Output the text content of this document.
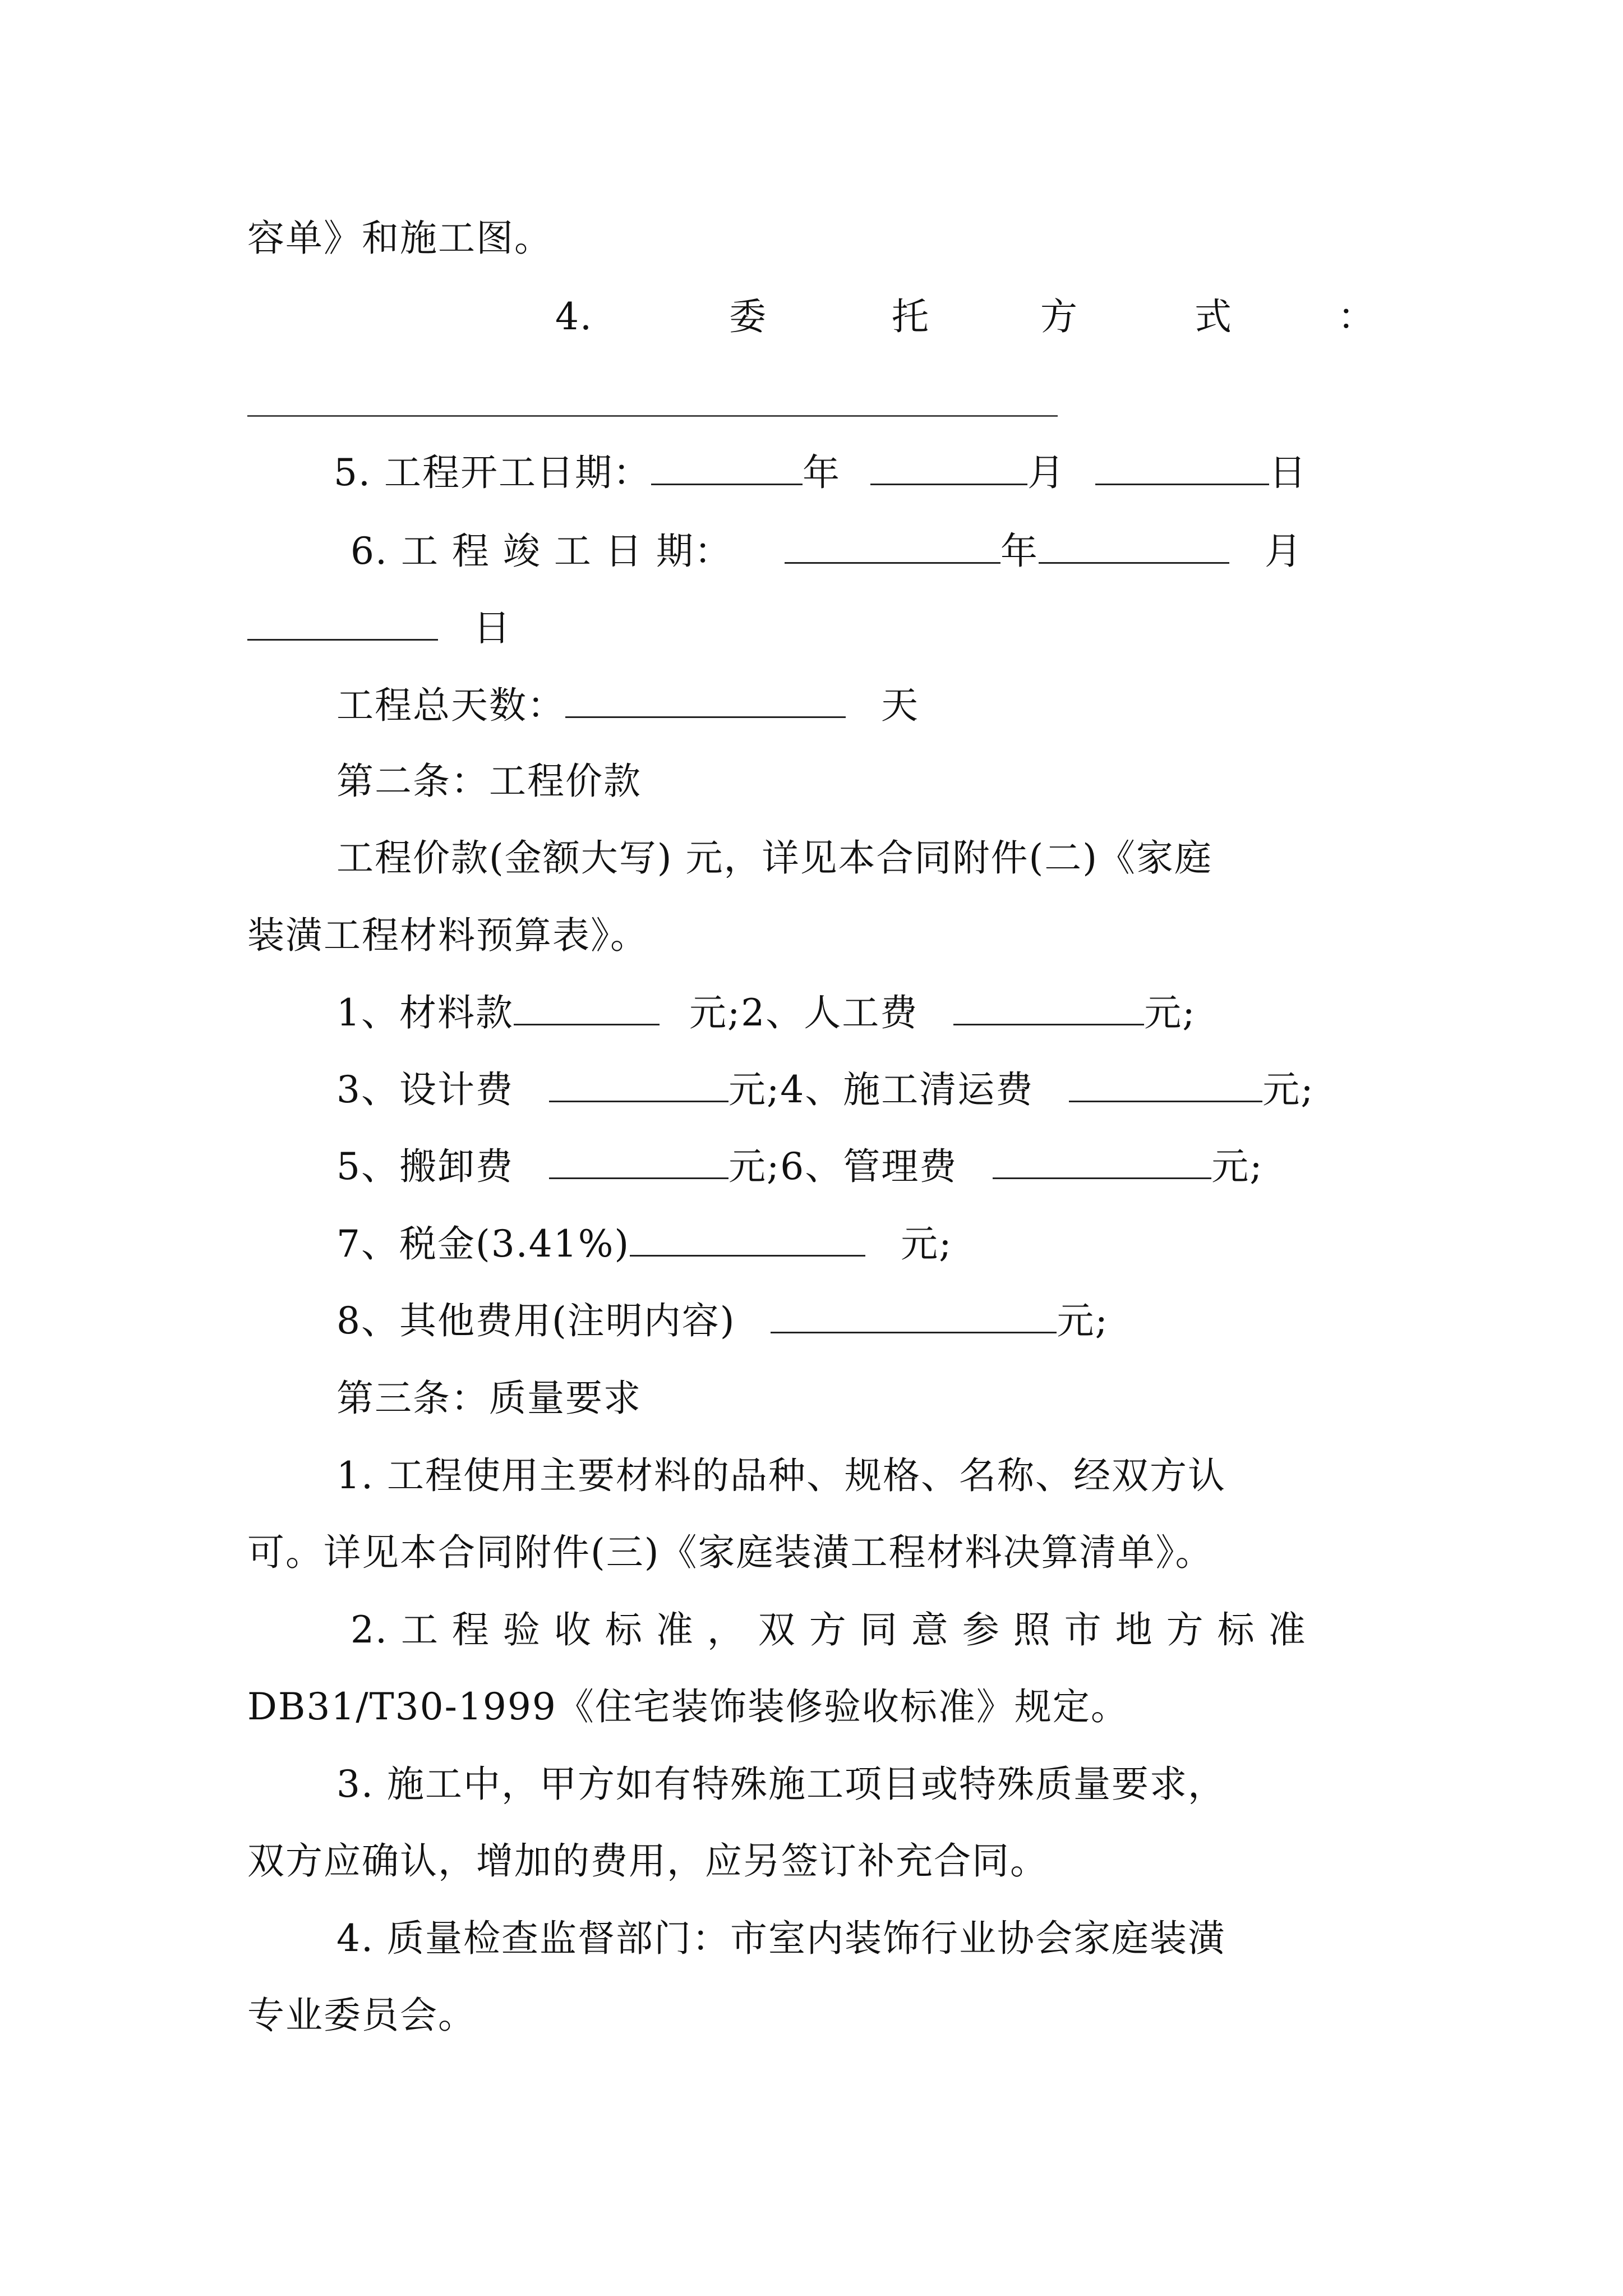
容单》和施工图。
4.	委	托	方	式	：
5. 工程开工日期：	年	月	日
6. 工 程 竣 工 日 期：	年	月
日
工程总天数：	天
第二条：工程价款
工程价款(金额大写) 元，详见本合同附件(二)《家庭
装潢工程材料预算表》。
1、材料款	元;2、人工费	元;
3、设计费	元;4、施工清运费	元;
5、搬卸费	元;6、管理费	元;
7、税金(3.41%)	元;
8、其他费用(注明内容)	元;
第三条：质量要求
1. 工程使用主要材料的品种、规格、名称、经双方认
可。详见本合同附件(三)《家庭装潢工程材料决算清单》。
2. 工 程 验 收 标 准 ， 双 方 同 意 参 照 市 地 方 标 准
DB31/T30-1999《住宅装饰装修验收标准》规定。
3. 施工中，甲方如有特殊施工项目或特殊质量要求，
双方应确认，增加的费用，应另签订补充合同。
4. 质量检查监督部门：市室内装饰行业协会家庭装潢
专业委员会。
